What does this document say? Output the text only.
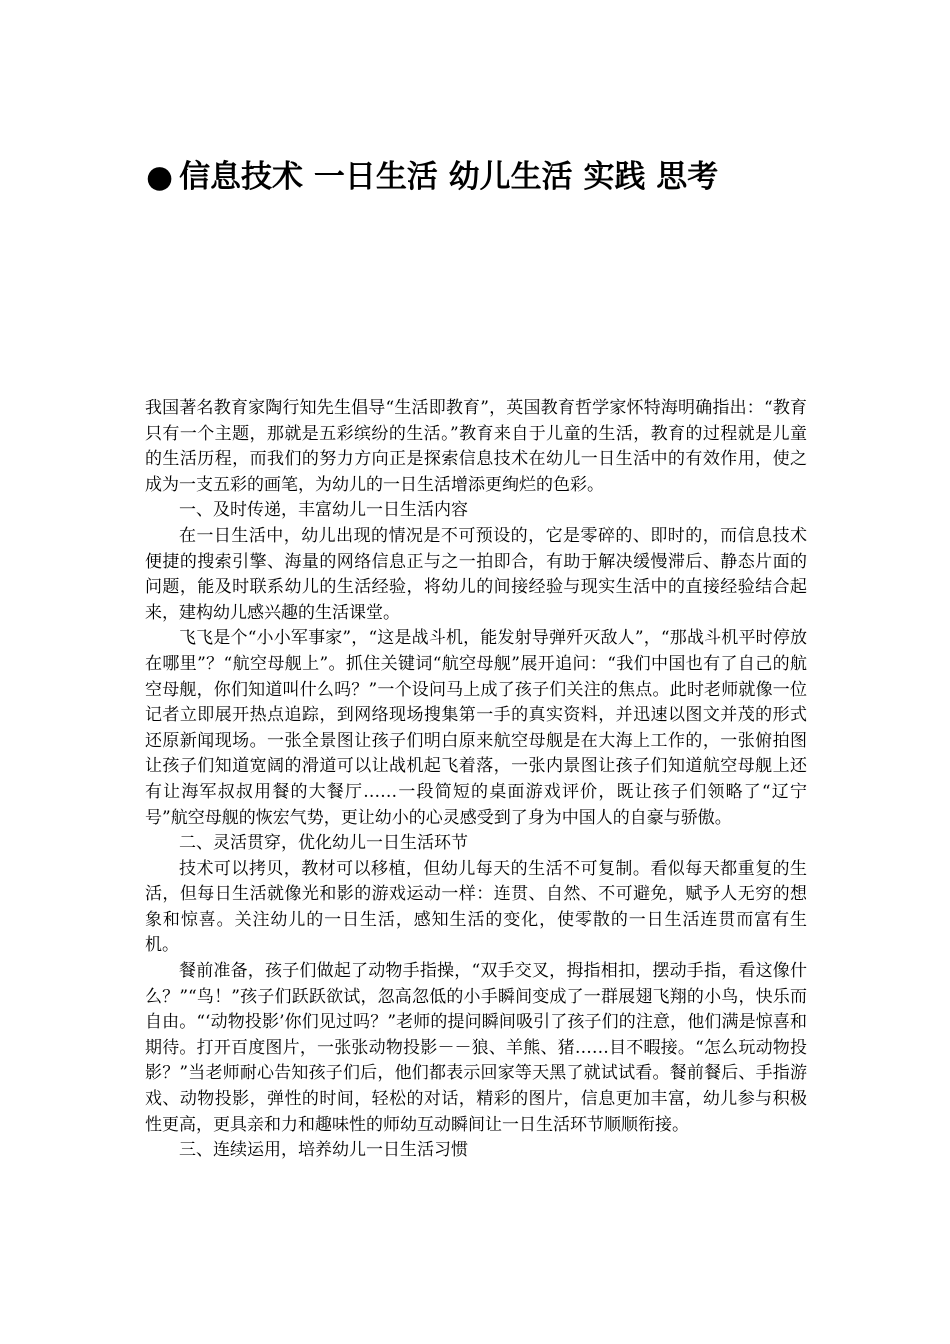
● 信息技术 一日生活 幼儿生活 实践 思考

我国著名教育家陶行知先生倡导“生活即教育”，英国教育哲学家怀特海明确指出：“教育只有一个主题，那就是五彩缤纷的生活。”教育来自于儿童的生活，教育的过程就是儿童的生活历程，而我们的努力方向正是探索信息技术在幼儿一日生活中的有效作用，使之成为一支五彩的画笔，为幼儿的一日生活增添更绚烂的色彩。

一、及时传递，丰富幼儿一日生活内容

在一日生活中，幼儿出现的情况是不可预设的，它是零碎的、即时的，而信息技术便捷的搜索引擎、海量的网络信息正与之一拍即合，有助于解决缓慢滞后、静态片面的问题，能及时联系幼儿的生活经验，将幼儿的间接经验与现实生活中的直接经验结合起来，建构幼儿感兴趣的生活课堂。

飞飞是个“小小军事家”，“这是战斗机，能发射导弹歼灭敌人”，“那战斗机平时停放在哪里”？“航空母舰上”。抓住关键词“航空母舰”展开追问：“我们中国也有了自己的航空母舰，你们知道叫什么吗？”一个设问马上成了孩子们关注的焦点。此时老师就像一位记者立即展开热点追踪，到网络现场搜集第一手的真实资料，并迅速以图文并茂的形式还原新闻现场。一张全景图让孩子们明白原来航空母舰是在大海上工作的，一张俯拍图让孩子们知道宽阔的滑道可以让战机起飞着落，一张内景图让孩子们知道航空母舰上还有让海军叔叔用餐的大餐厅……一段简短的桌面游戏评价，既让孩子们领略了“辽宁号”航空母舰的恢宏气势，更让幼小的心灵感受到了身为中国人的自豪与骄傲。

二、灵活贯穿，优化幼儿一日生活环节

技术可以拷贝，教材可以移植，但幼儿每天的生活不可复制。看似每天都重复的生活，但每日生活就像光和影的游戏运动一样：连贯、自然、不可避免，赋予人无穷的想象和惊喜。关注幼儿的一日生活，感知生活的变化，使零散的一日生活连贯而富有生机。

餐前准备，孩子们做起了动物手指操，“双手交叉，拇指相扣，摆动手指，看这像什么？”“鸟！”孩子们跃跃欲试，忽高忽低的小手瞬间变成了一群展翅飞翔的小鸟，快乐而自由。“‘动物投影’你们见过吗？”老师的提问瞬间吸引了孩子们的注意，他们满是惊喜和期待。打开百度图片，一张张动物投影－－狼、羊熊、猪……目不暇接。“怎么玩动物投影？”当老师耐心告知孩子们后，他们都表示回家等天黑了就试试看。餐前餐后、手指游戏、动物投影，弹性的时间，轻松的对话，精彩的图片，信息更加丰富，幼儿参与积极性更高，更具亲和力和趣味性的师幼互动瞬间让一日生活环节顺顺衔接。

三、连续运用，培养幼儿一日生活习惯
